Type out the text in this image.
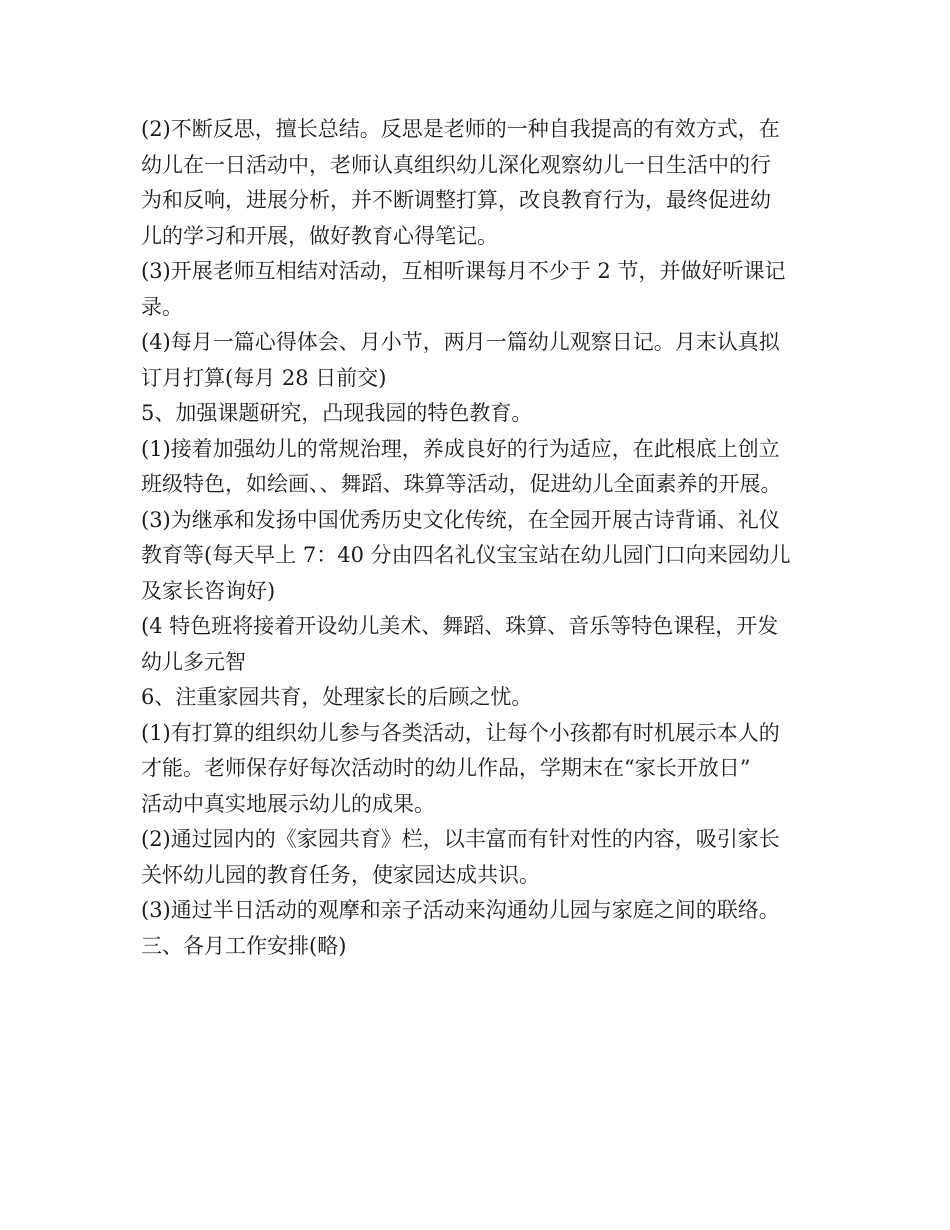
(2)不断反思，擅长总结。反思是老师的一种自我提高的有效方式，在
幼儿在一日活动中，老师认真组织幼儿深化观察幼儿一日生活中的行
为和反响，进展分析，并不断调整打算，改良教育行为，最终促进幼
儿的学习和开展，做好教育心得笔记。
(3)开展老师互相结对活动，互相听课每月不少于 2 节，并做好听课记
录。
(4)每月一篇心得体会、月小节，两月一篇幼儿观察日记。月末认真拟
订月打算(每月 28 日前交)
5、加强课题研究，凸现我园的特色教育。
(1)接着加强幼儿的常规治理，养成良好的行为适应，在此根底上创立
班级特色，如绘画、、舞蹈、珠算等活动，促进幼儿全面素养的开展。
(3)为继承和发扬中国优秀历史文化传统，在全园开展古诗背诵、礼仪
教育等(每天早上 7：40 分由四名礼仪宝宝站在幼儿园门口向来园幼儿
及家长咨询好)
(4 特色班将接着开设幼儿美术、舞蹈、珠算、音乐等特色课程，开发
幼儿多元智
6、注重家园共育，处理家长的后顾之忧。
(1)有打算的组织幼儿参与各类活动，让每个小孩都有时机展示本人的
才能。老师保存好每次活动时的幼儿作品，学期末在“家长开放日”
活动中真实地展示幼儿的成果。
(2)通过园内的《家园共育》栏，以丰富而有针对性的内容，吸引家长
关怀幼儿园的教育任务，使家园达成共识。
(3)通过半日活动的观摩和亲子活动来沟通幼儿园与家庭之间的联络。
三、各月工作安排(略)
